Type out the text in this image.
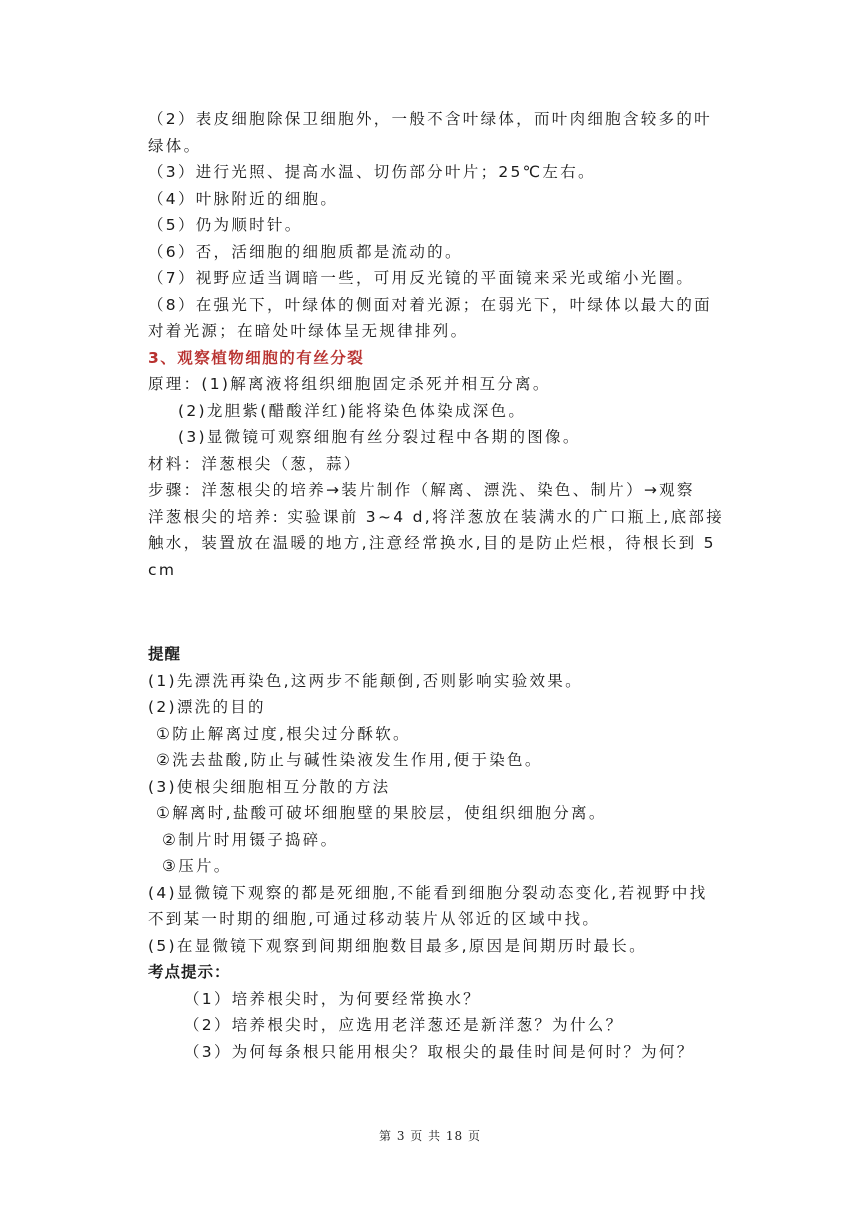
（2）表皮细胞除保卫细胞外，一般不含叶绿体，而叶肉细胞含较多的叶
绿体。
（3）进行光照、提高水温、切伤部分叶片；25℃左右。
（4）叶脉附近的细胞。
（5）仍为顺时针。
（6）否，活细胞的细胞质都是流动的。
（7）视野应适当调暗一些，可用反光镜的平面镜来采光或缩小光圈。
（8）在强光下，叶绿体的侧面对着光源；在弱光下，叶绿体以最大的面
对着光源；在暗处叶绿体呈无规律排列。
3、观察植物细胞的有丝分裂
原理：(1)解离液将组织细胞固定杀死并相互分离。
(2)龙胆紫(醋酸洋红)能将染色体染成深色。
(3)显微镜可观察细胞有丝分裂过程中各期的图像。
材料：洋葱根尖（葱，蒜）
步骤：洋葱根尖的培养→装片制作（解离、漂洗、染色、制片）→观察
洋葱根尖的培养: 实验课前 3~4 d,将洋葱放在装满水的广口瓶上,底部接
触水，装置放在温暖的地方,注意经常换水,目的是防止烂根，待根长到 5
cm
提醒
(1)先漂洗再染色,这两步不能颠倒,否则影响实验效果。
(2)漂洗的目的
①防止解离过度,根尖过分酥软。
②洗去盐酸,防止与碱性染液发生作用,便于染色。
(3)使根尖细胞相互分散的方法
①解离时,盐酸可破坏细胞壁的果胶层，使组织细胞分离。
②制片时用镊子捣碎。
③压片。
(4)显微镜下观察的都是死细胞,不能看到细胞分裂动态变化,若视野中找
不到某一时期的细胞,可通过移动装片从邻近的区域中找。
(5)在显微镜下观察到间期细胞数目最多,原因是间期历时最长。
考点提示：
（1）培养根尖时，为何要经常换水？
（2）培养根尖时，应选用老洋葱还是新洋葱？为什么？
（3）为何每条根只能用根尖？取根尖的最佳时间是何时？为何？
第 3 页 共 18 页
